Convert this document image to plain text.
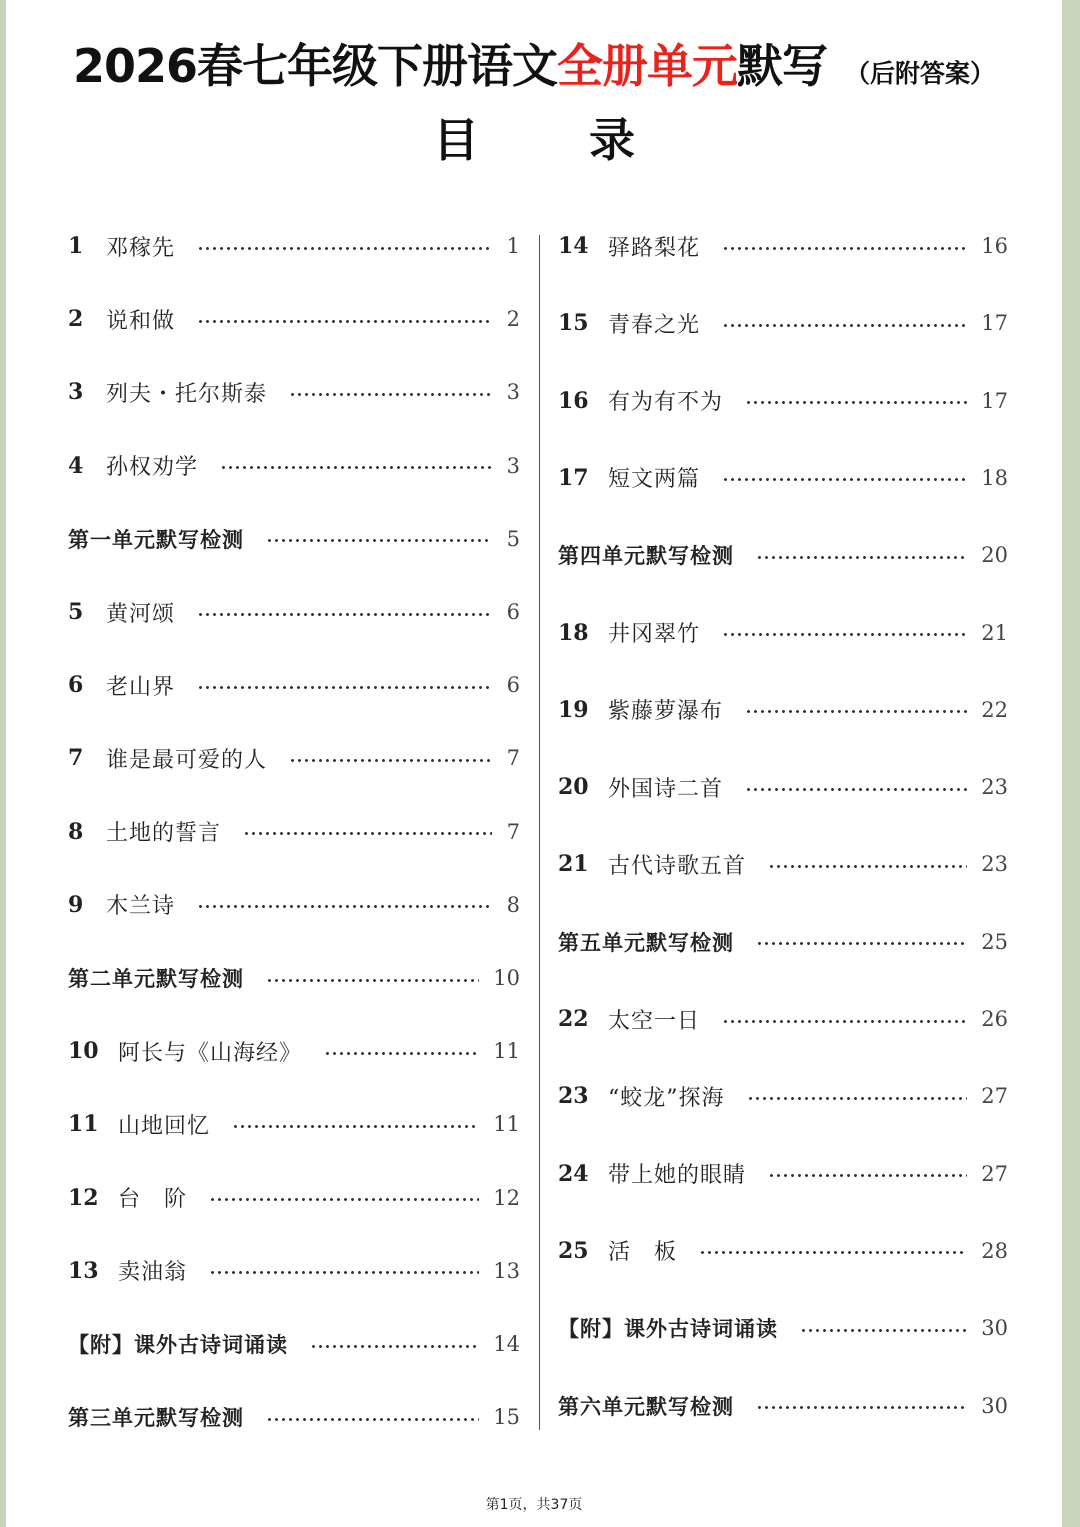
2026春七年级下册语文全册单元默写 （后附答案）
目 录
1	邓稼先	1
2	说和做	2
3	列夫・托尔斯泰	3
4	孙权劝学	3
第一单元默写检测	5
5	黄河颂	6
6	老山界	6
7	谁是最可爱的人	7
8	土地的誓言	7
9	木兰诗	8
第二单元默写检测	10
10 阿长与《山海经》	11
11 山地回忆	11
12 台　阶	12
13 卖油翁	13
【附】课外古诗词诵读	14
第三单元默写检测	15
14 驿路梨花	16
15 青春之光	17
16 有为有不为	17
17 短文两篇	18
第四单元默写检测	20
18 井冈翠竹	21
19 紫藤萝瀑布	22
20 外国诗二首	23
21 古代诗歌五首	23
第五单元默写检测	25
22 太空一日	26
23 “蛟龙”探海	27
24 带上她的眼睛	27
25 活　板	28
【附】课外古诗词诵读	30
第六单元默写检测	30
第1页，共37页
